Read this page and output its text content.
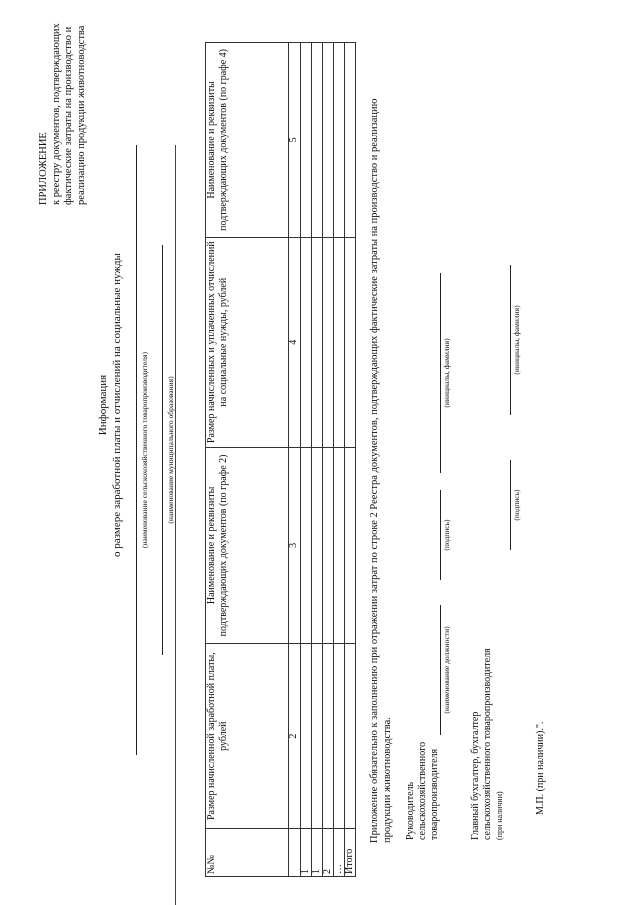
ПРИЛОЖЕНИЕ к реестру документов, подтверждающих фактические затраты на производство и реализацию продукции животноводства
Информация о размере заработной платы и отчислений на социальные нужды (наименование сельскохозяйственного товаропроизводителя) (наименование муниципального образования)
№№	Размер начисленной заработной платы, рублей	Наименование и реквизиты подтверждающих документов (по графе 2)	Размер начисленных и уплаченных отчислений на социальные нужды, рублей	Наименование и реквизиты подтверждающих документов (по графе 4)
	2	3	4	5
1				
1				
2				
…				
Итого				
Приложение обязательно к заполнению при отражении затрат по строке 2 Реестра документов, подтверждающих фактические затраты на производство и реализацию продукции животноводства. Руководитель сельскохозяйственного товаропроизводителя
(наименование должности)
(подпись)
(инициалы, фамилия)
Главный бухгалтер, бухгалтер сельскохозяйственного товаропроизводителя (при наличии)
(подпись)
(инициалы, фамилия)
М.П. (при наличии).".
